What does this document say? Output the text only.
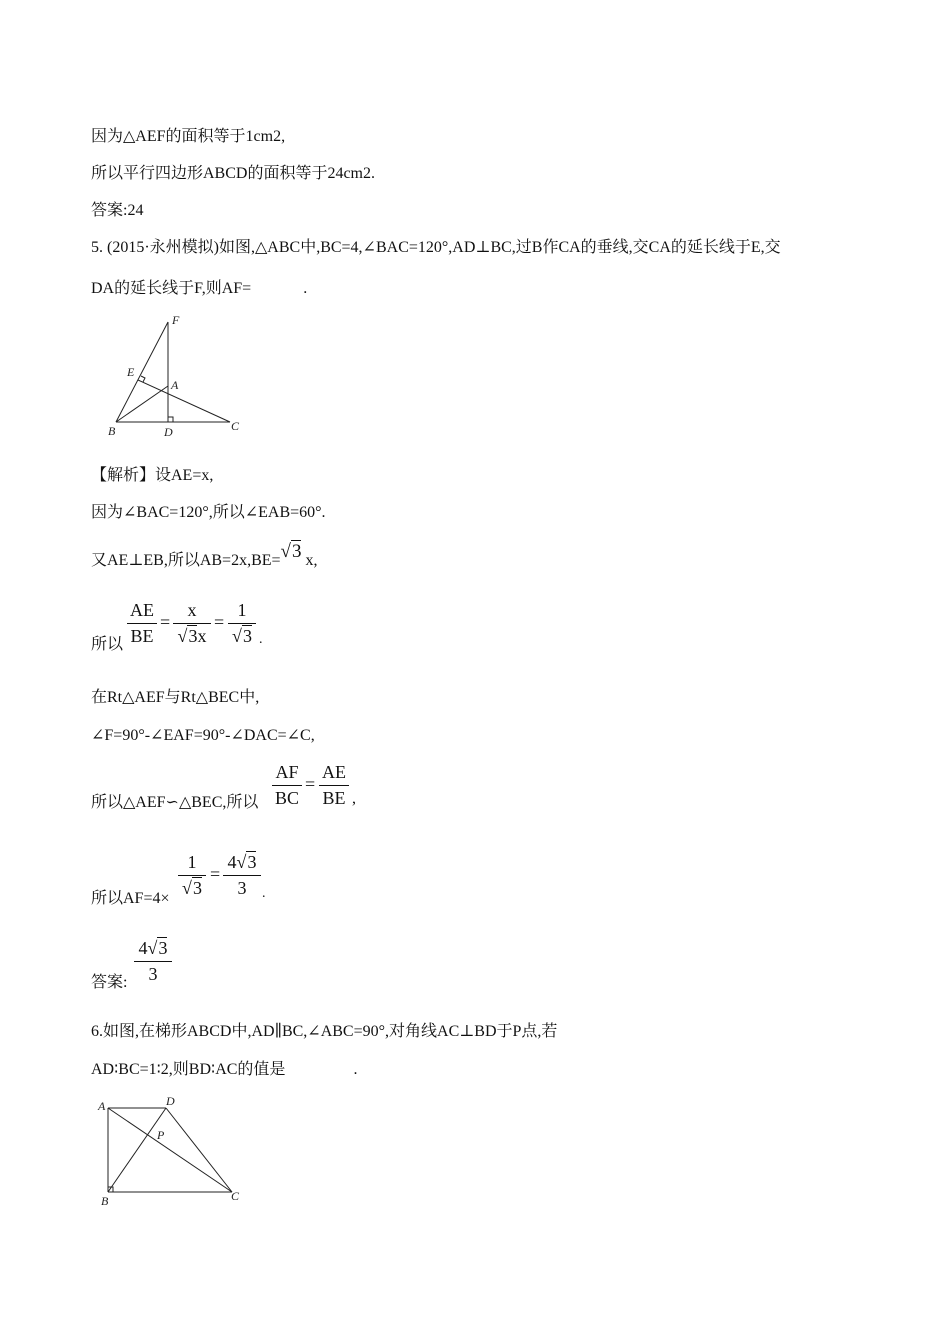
因为△AEF的面积等于1cm2,
所以平行四边形ABCD的面积等于24cm2.
答案:24
5. (2015·永州模拟)如图,△ABC中,BC=4,∠BAC=120°,AD⊥BC,过B作CA的垂线,交CA的延长线于E,交
DA的延长线于F,则AF=	.
F
E
A
B	D	C
【解析】设AE=x,
因为∠BAC=120°,所以∠EAB=60°.
又AE⊥EB,所以AB=2x,BE=√3 x,
所以 $\frac{AE}{BE} = \frac{x}{√3x} = \frac{1}{√3}$ .
在Rt△AEF与Rt△BEC中,
∠F=90°-∠EAF=90°-∠DAC=∠C,
所以△AEF∽△BEC,所以 $\frac{AF}{BC} = \frac{AE}{BE}$ ,
所以$AF=4\times \frac{1}{√3} = \frac{4√3}{3}$ .
答案: $\frac{4√3}{3}$
6.如图,在梯形ABCD中,AD∥BC,∠ABC=90°,对角线AC⊥BD于P点,若
AD∶BC=1∶2,则BD∶AC的值是	.
A	D
P
B	C
